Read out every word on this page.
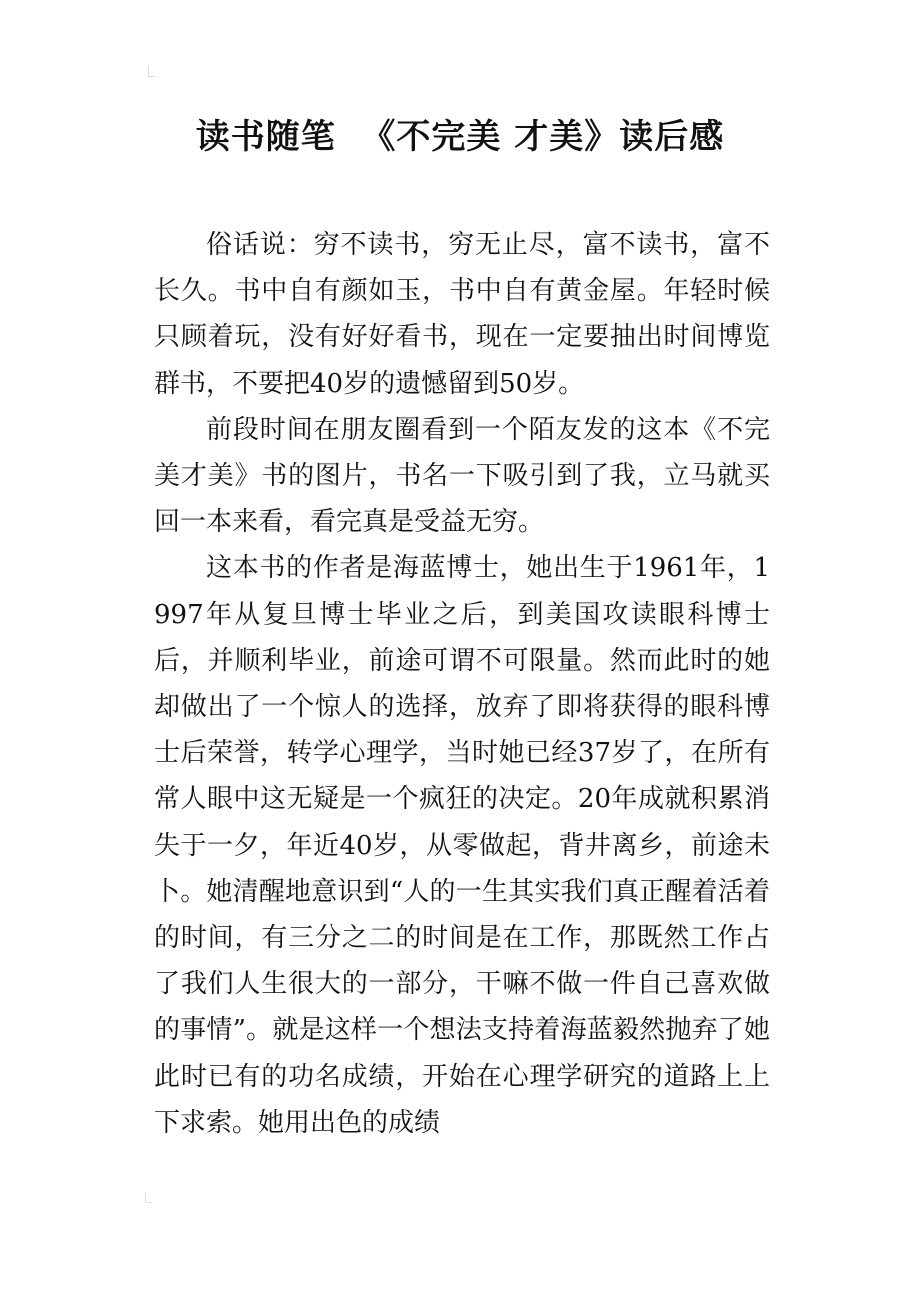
读书随笔  《不完美 才美》读后感

俗话说：穷不读书，穷无止尽，富不读书，富不长久。书中自有颜如玉，书中自有黄金屋。年轻时候只顾着玩，没有好好看书，现在一定要抽出时间博览群书，不要把40岁的遗憾留到50岁。

前段时间在朋友圈看到一个陌友发的这本《不完美才美》书的图片，书名一下吸引到了我，立马就买回一本来看，看完真是受益无穷。

这本书的作者是海蓝博士，她出生于1961年，1997年从复旦博士毕业之后，到美国攻读眼科博士后，并顺利毕业，前途可谓不可限量。然而此时的她却做出了一个惊人的选择，放弃了即将获得的眼科博士后荣誉，转学心理学，当时她已经37岁了，在所有常人眼中这无疑是一个疯狂的决定。20年成就积累消失于一夕，年近40岁，从零做起，背井离乡，前途未卜。她清醒地意识到“人的一生其实我们真正醒着活着的时间，有三分之二的时间是在工作，那既然工作占了我们人生很大的一部分，干嘛不做一件自己喜欢做的事情”。就是这样一个想法支持着海蓝毅然抛弃了她此时已有的功名成绩，开始在心理学研究的道路上上下求索。她用出色的成绩
